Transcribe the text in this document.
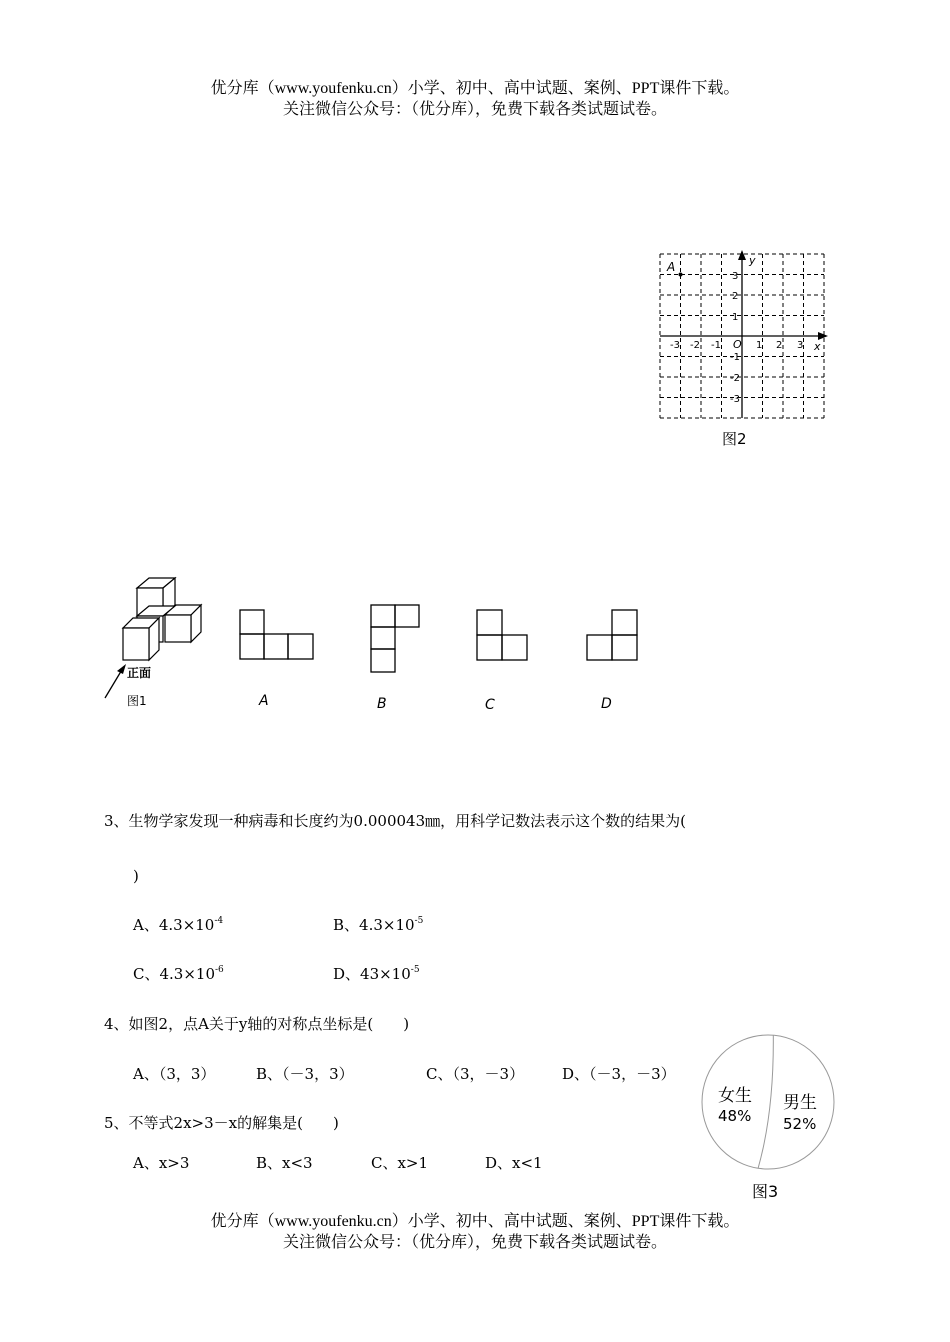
优分库（www.youfenku.cn）小学、初中、高中试题、案例、PPT课件下载。
关注微信公众号：（优分库），免费下载各类试题试卷。
A	y
x
O
-3 -2 -1	1 2 3
3
2
1
-1
-2
-3
图2
正面
图1	A	B	C	D
3、生物学家发现一种病毒和长度约为0.000043㎜，用科学记数法表示这个数的结果为(
)
A、$4.3\times 10^{-4}$	B、$4.3\times 10^{-5}$
C、$4.3\times 10^{-6}$	D、$43\times 10^{-5}$
4、如图2，点A关于y轴的对称点坐标是(　　)
A、（3，3）	B、（－3，3）	C、（3，－3）	D、（－3，－3）
5、不等式2x>3－x的解集是(　　)
A、x>3	B、x<3	C、x>1	D、x<1
女生
48%
男生
52%
图3
优分库（www.youfenku.cn）小学、初中、高中试题、案例、PPT课件下载。
关注微信公众号：（优分库），免费下载各类试题试卷。
